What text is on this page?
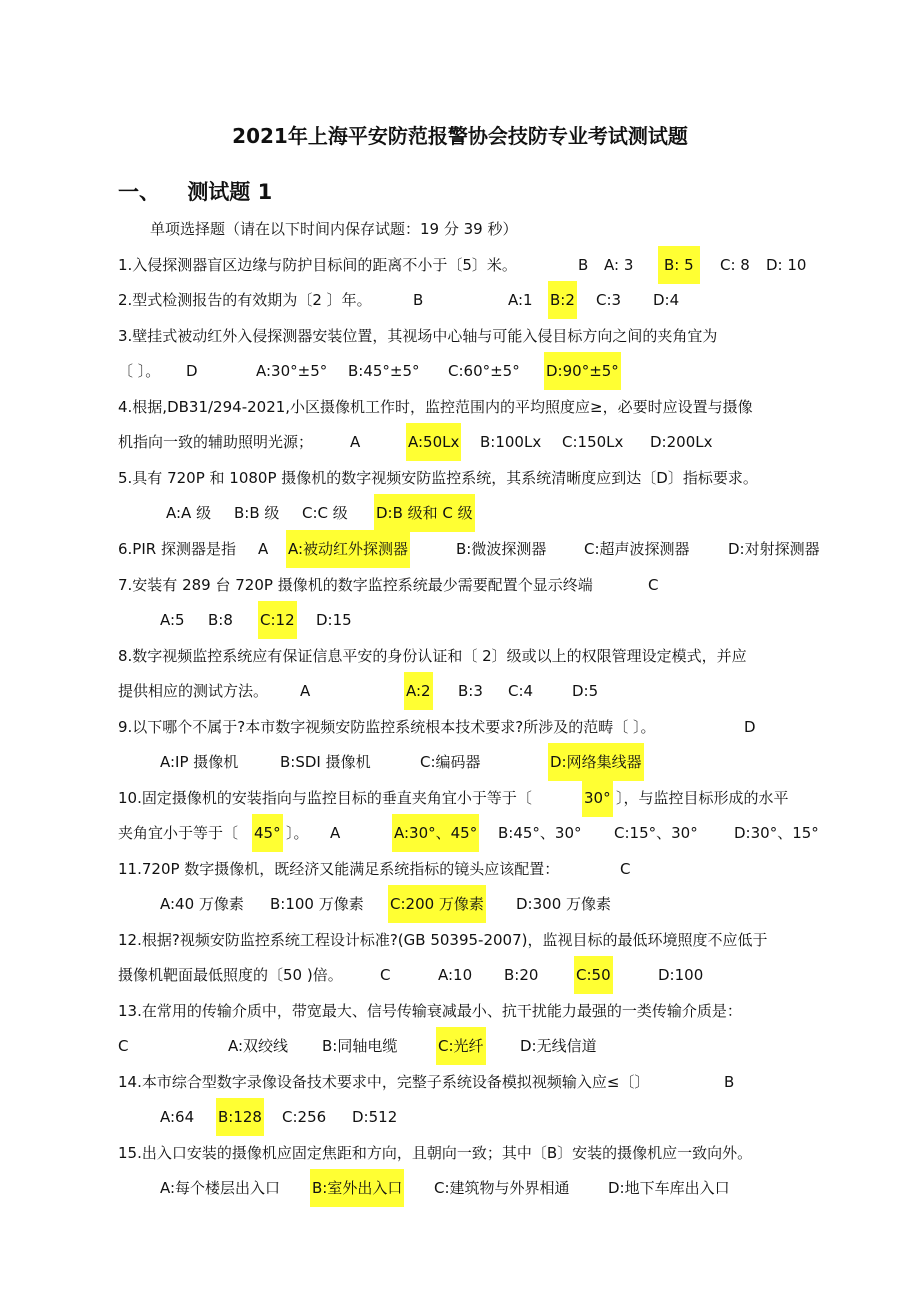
2021年上海平安防范报警协会技防专业考试测试题
一、 测试题 1
单项选择题（请在以下时间内保存试题：19 分 39 秒）
1.入侵探测器盲区边缘与防护目标间的距离不小于〔5〕米。	B A: 3	B: 5	C: 8 D: 10
2.型式检测报告的有效期为〔2 〕年。	B	A:1 B:2 C:3 D:4
3.壁挂式被动红外入侵探测器安装位置，其视场中心轴与可能入侵目标方向之间的夹角宜为
〔 〕。 D	A:30°±5° B:45°±5° C:60°±5° D:90°±5°
4.根据,DB31/294-2021,小区摄像机工作时，监控范围内的平均照度应≥，必要时应设置与摄像
机指向一致的辅助照明光源； A	A:50Lx B:100Lx C:150Lx D:200Lx
5.具有 720P 和 1080P 摄像机的数字视频安防监控系统，其系统清晰度应到达〔D〕指标要求。
A:A 级 B:B 级 C:C 级 D:B 级和 C 级
6.PIR 探测器是指 A A:被动红外探测器	B:微波探测器	C:超声波探测器	D:对射探测器
7.安装有 289 台 720P 摄像机的数字监控系统最少需要配置个显示终端	C
A:5 B:8 C:12 D:15
8.数字视频监控系统应有保证信息平安的身份认证和〔 2〕级或以上的权限管理设定模式，并应
提供相应的测试方法。 A	A:2 B:3 C:4	D:5
9.以下哪个不属于?本市数字视频安防监控系统根本技术要求?所涉及的范畴〔 〕。	D
A:IP 摄像机	B:SDI 摄像机	C:编码器	D:网络集线器
10.固定摄像机的安装指向与监控目标的垂直夹角宜小于等于〔	30° 〕，与监控目标形成的水平
夹角宜小于等于〔 45° 〕。 A	A:30°、45° B:45°、30° C:15°、30° D:30°、15°
11.720P 数字摄像机，既经济又能满足系统指标的镜头应该配置：	C
A:40 万像素 B:100 万像素 C:200 万像素 D:300 万像素
12.根据?视频安防监控系统工程设计标准?(GB 50395-2007)，监视目标的最低环境照度不应低于
摄像机靶面最低照度的〔50 )倍。 C	A:10 B:20	C:50	D:100
13.在常用的传输介质中，带宽最大、信号传输衰减最小、抗干扰能力最强的一类传输介质是：
C	A:双绞线 B:同轴电缆	C:光纤 D:无线信道
14.本市综合型数字录像设备技术要求中，完整子系统设备模拟视频输入应≤〔〕	B
A:64 B:128 C:256 D:512
15.出入口安装的摄像机应固定焦距和方向，且朝向一致；其中〔B〕安装的摄像机应一致向外。
A:每个楼层出入口 B:室外出入口 C:建筑物与外界相通	D:地下车库出入口
